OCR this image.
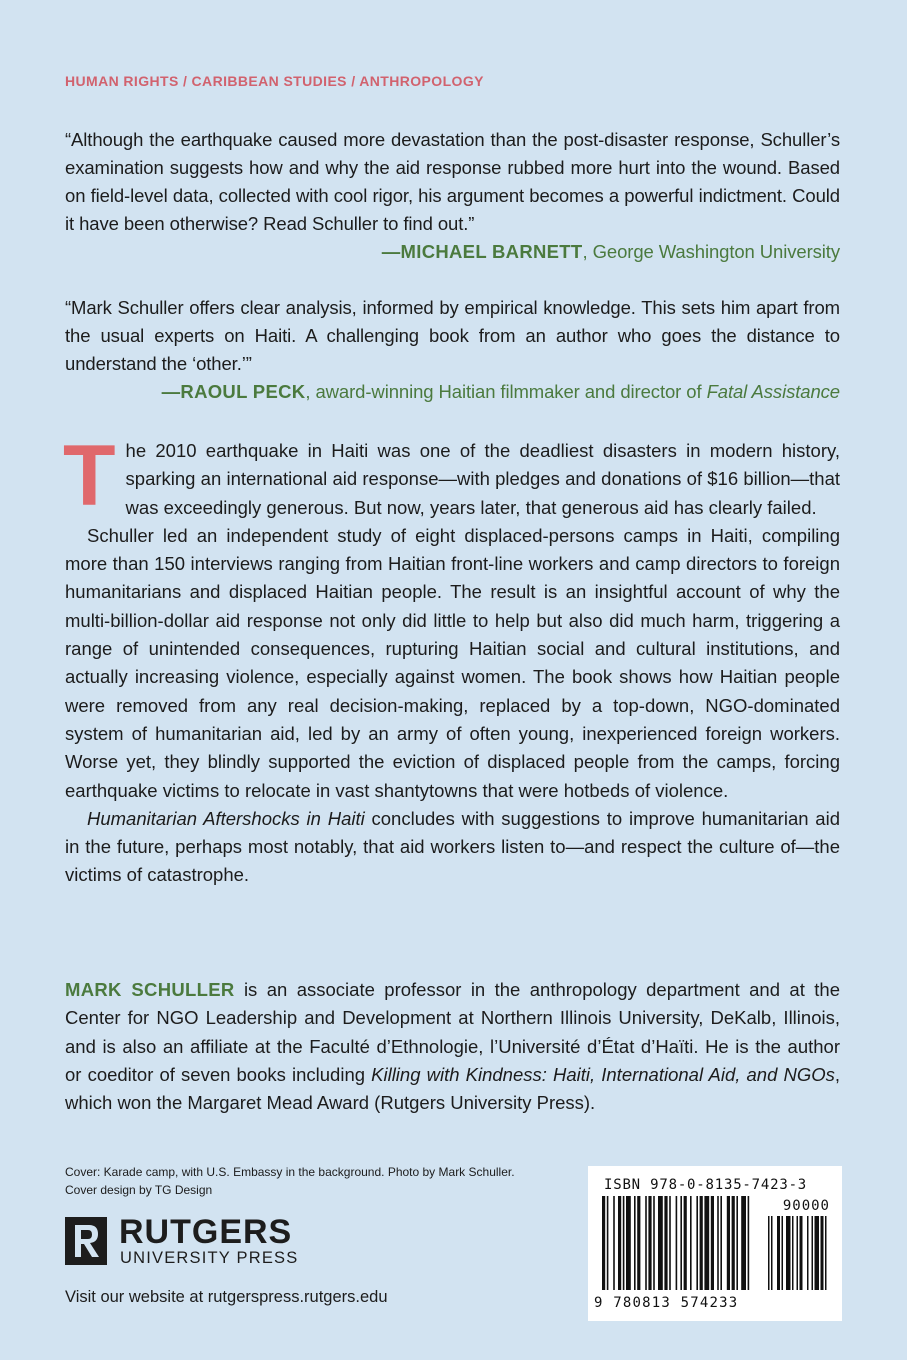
HUMAN RIGHTS / CARIBBEAN STUDIES / ANTHROPOLOGY

“Although the earthquake caused more devastation than the post-disaster response, Schuller’s examination suggests how and why the aid response rubbed more hurt into the wound. Based on field-level data, collected with cool rigor, his argument becomes a powerful indictment. Could it have been otherwise? Read Schuller to find out.”

—MICHAEL BARNETT, George Washington University

“Mark Schuller offers clear analysis, informed by empirical knowledge. This sets him apart from the usual experts on Haiti. A challenging book from an author who goes the distance to understand the ‘other.’”

—RAOUL PECK, award-winning Haitian filmmaker and director of Fatal Assistance

The 2010 earthquake in Haiti was one of the deadliest disasters in modern history, sparking an international aid response—with pledges and donations of $16 billion—that was exceedingly generous. But now, years later, that generous aid has clearly failed.

Schuller led an independent study of eight displaced-persons camps in Haiti, compiling more than 150 interviews ranging from Haitian front-line workers and camp directors to foreign humanitarians and displaced Haitian people. The result is an insightful account of why the multi-billion-dollar aid response not only did little to help but also did much harm, triggering a range of unintended consequences, rupturing Haitian social and cultural institutions, and actually increasing violence, especially against women. The book shows how Haitian people were removed from any real decision-making, replaced by a top-down, NGO-dominated system of humanitarian aid, led by an army of often young, inexperienced foreign workers. Worse yet, they blindly supported the eviction of displaced people from the camps, forcing earthquake victims to relocate in vast shantytowns that were hotbeds of violence.

Humanitarian Aftershocks in Haiti concludes with suggestions to improve humanitarian aid in the future, perhaps most notably, that aid workers listen to—and respect the culture of—the victims of catastrophe.

MARK SCHULLER is an associate professor in the anthropology department and at the Center for NGO Leadership and Development at Northern Illinois University, DeKalb, Illinois, and is also an affiliate at the Faculté d’Ethnologie, l’Université d’État d’Haïti. He is the author or coeditor of seven books including Killing with Kindness: Haiti, International Aid, and NGOs, which won the Margaret Mead Award (Rutgers University Press).

Cover: Karade camp, with U.S. Embassy in the background. Photo by Mark Schuller.
Cover design by TG Design
RUTGERS
UNIVERSITY PRESS
Visit our website at rutgerspress.rutgers.edu
ISBN 978-0-8135-7423-3
90000
9 780813 574233
